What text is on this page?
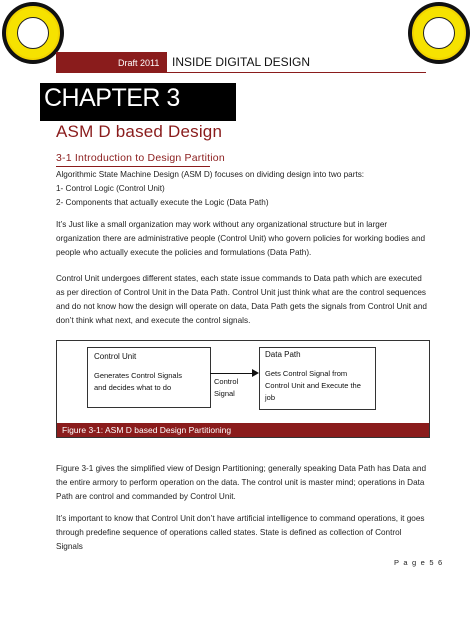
Draft 2011 INSIDE DIGITAL DESIGN
CHAPTER 3
ASM D based Design
3-1 Introduction to Design Partition
Algorithmic State Machine Design (ASM D) focuses on dividing design into two parts:
1- Control Logic (Control Unit)
2- Components that actually execute the Logic (Data Path)
It’s Just like a small organization may work without any organizational structure but in larger organization there are administrative people (Control Unit) who govern policies for working bodies and people who actually execute the policies and formulations (Data Path).
Control Unit undergoes different states, each state issue commands to Data path which are executed as per direction of Control Unit in the Data Path. Control Unit just think what are the control sequences and do not know how the design will operate on data, Data Path gets the signals from Control Unit and don’t think what next, and execute the control signals.
Control Unit
Generates Control Signals
and decides what to do
Control
Signal
Data Path
Gets Control Signal from
Control Unit and Execute the
job
Figure 3-1: ASM D based Design Partitioning
Figure 3-1 gives the simplified view of Design Partitioning; generally speaking Data Path has Data and the entire armory to perform operation on the data. The control unit is master mind; operations in Data Path are control and commanded by Control Unit.
It’s important to know that Control Unit don’t have artificial intelligence to command operations, it goes through predefine sequence of operations called states. State is defined as collection of Control Signals
P a g e 5 6
